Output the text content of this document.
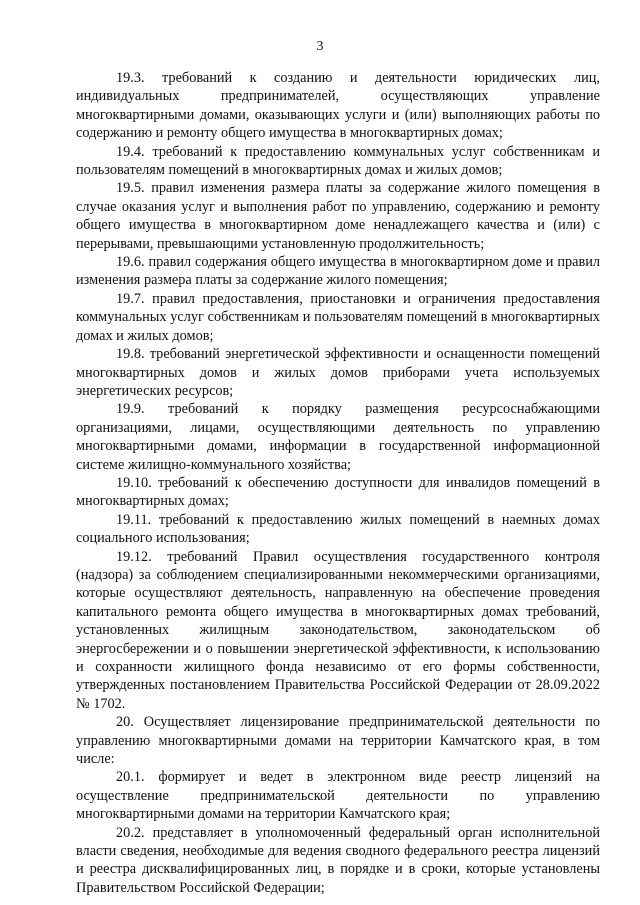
3

19.3. требований к созданию и деятельности юридических лиц, индивидуальных предпринимателей, осуществляющих управление многоквартирными домами, оказывающих услуги и (или) выполняющих работы по содержанию и ремонту общего имущества в многоквартирных домах;

19.4. требований к предоставлению коммунальных услуг собственникам и пользователям помещений в многоквартирных домах и жилых домов;

19.5. правил изменения размера платы за содержание жилого помещения в случае оказания услуг и выполнения работ по управлению, содержанию и ремонту общего имущества в многоквартирном доме ненадлежащего качества и (или) с перерывами, превышающими установленную продолжительность;

19.6. правил содержания общего имущества в многоквартирном доме и правил изменения размера платы за содержание жилого помещения;

19.7. правил предоставления, приостановки и ограничения предоставления коммунальных услуг собственникам и пользователям помещений в многоквартирных домах и жилых домов;

19.8. требований энергетической эффективности и оснащенности помещений многоквартирных домов и жилых домов приборами учета используемых энергетических ресурсов;

19.9. требований к порядку размещения ресурсоснабжающими организациями, лицами, осуществляющими деятельность по управлению многоквартирными домами, информации в государственной информационной системе жилищно-коммунального хозяйства;

19.10. требований к обеспечению доступности для инвалидов помещений в многоквартирных домах;

19.11. требований к предоставлению жилых помещений в наемных домах социального использования;

19.12. требований Правил осуществления государственного контроля (надзора) за соблюдением специализированными некоммерческими организациями, которые осуществляют деятельность, направленную на обеспечение проведения капитального ремонта общего имущества в многоквартирных домах требований, установленных жилищным законодательством, законодательском об энергосбережении и о повышении энергетической эффективности, к использованию и сохранности жилищного фонда независимо от его формы собственности, утвержденных постановлением Правительства Российской Федерации от 28.09.2022 № 1702.

20. Осуществляет лицензирование предпринимательской деятельности по управлению многоквартирными домами на территории Камчатского края, в том числе:

20.1. формирует и ведет в электронном виде реестр лицензий на осуществление предпринимательской деятельности по управлению многоквартирными домами на территории Камчатского края;

20.2. представляет в уполномоченный федеральный орган исполнительной власти сведения, необходимые для ведения сводного федерального реестра лицензий и реестра дисквалифицированных лиц, в порядке и в сроки, которые установлены Правительством Российской Федерации;
